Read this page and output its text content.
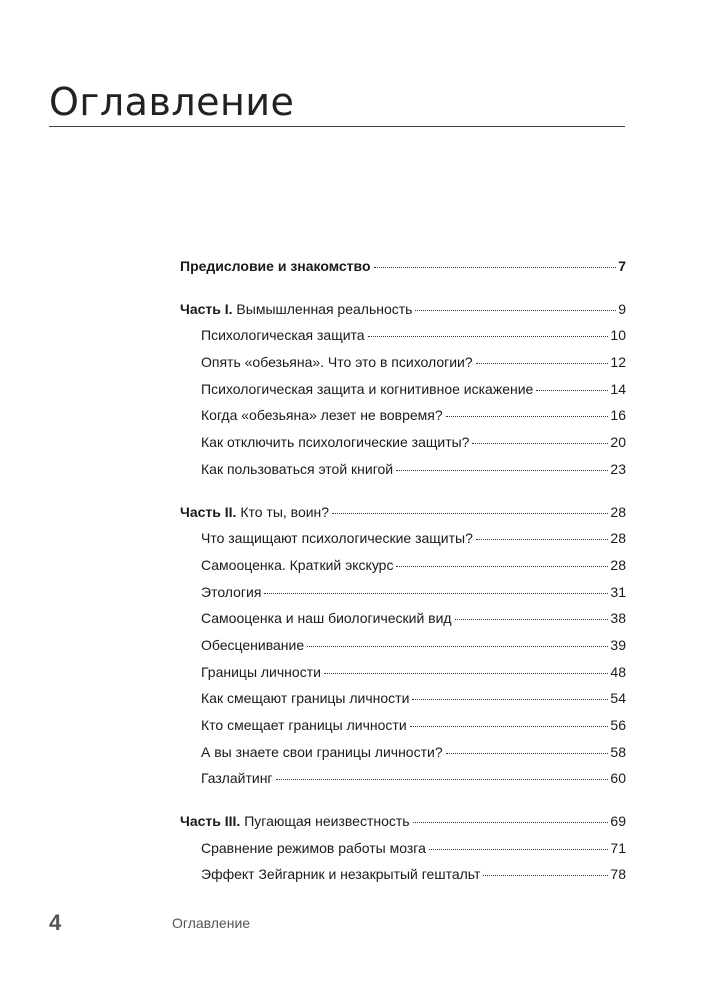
Оглавление
Предисловие и знакомство	7
Часть I. Вымышленная реальность	9
Психологическая защита	10
Опять «обезьяна». Что это в психологии?	12
Психологическая защита и когнитивное искажение	14
Когда «обезьяна» лезет не вовремя?	16
Как отключить психологические защиты?	20
Как пользоваться этой книгой	23
Часть II. Кто ты, воин?	28
Что защищают психологические защиты?	28
Самооценка. Краткий экскурс	28
Этология	31
Самооценка и наш биологический вид	38
Обесценивание	39
Границы личности	48
Как смещают границы личности	54
Кто смещает границы личности	56
А вы знаете свои границы личности?	58
Газлайтинг	60
Часть III. Пугающая неизвестность	69
Сравнение режимов работы мозга	71
Эффект Зейгарник и незакрытый гештальт	78
4	Оглавление
